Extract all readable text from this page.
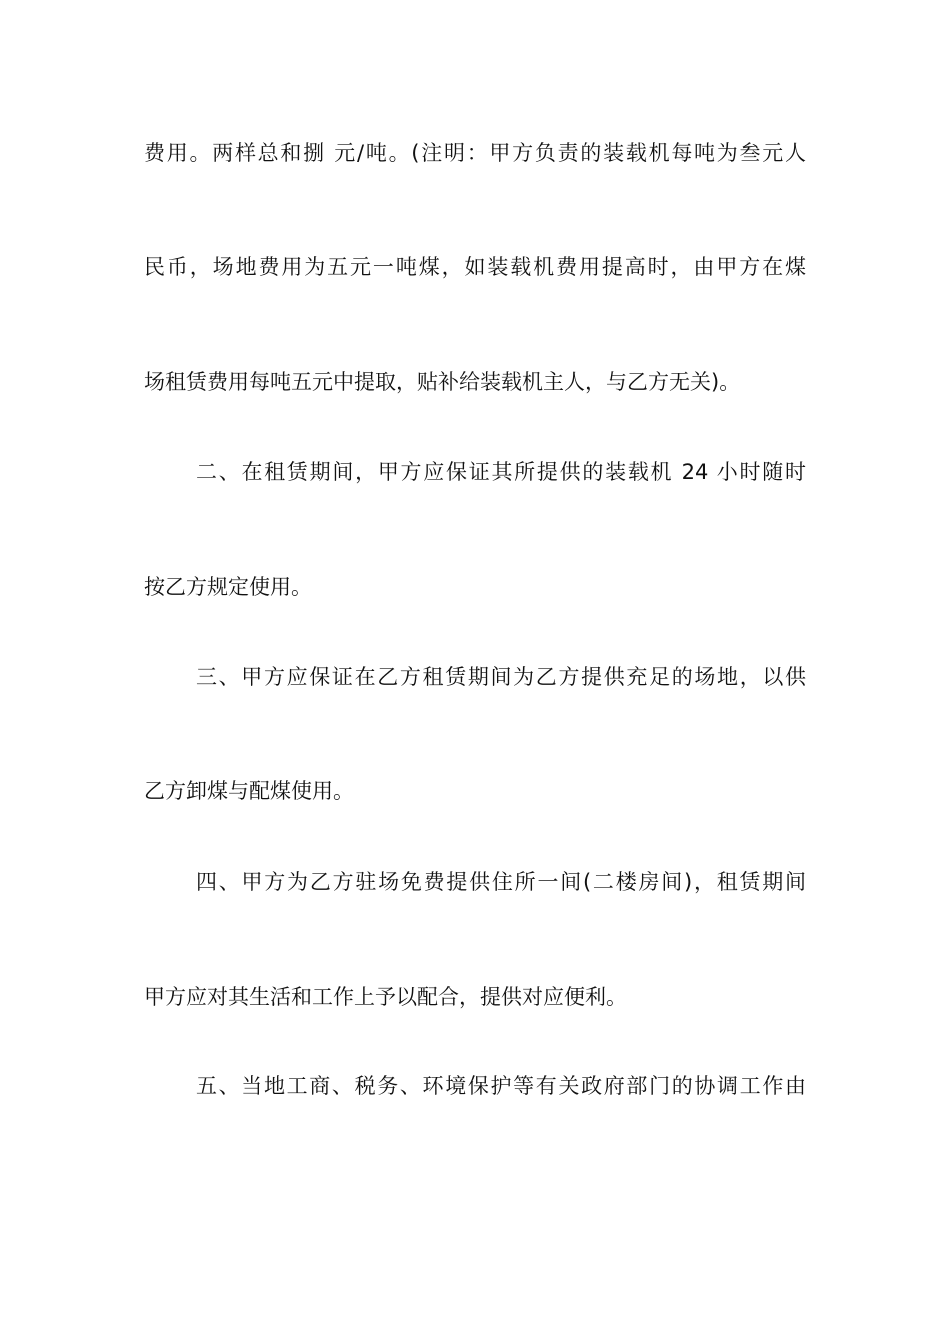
费用。两样总和捌 元/吨。(注明：甲方负责的装载机每吨为叁元人
民币，场地费用为五元一吨煤，如装载机费用提高时，由甲方在煤
场租赁费用每吨五元中提取，贴补给装载机主人，与乙方无关)。
二、在租赁期间，甲方应保证其所提供的装载机 24 小时随时
按乙方规定使用。
三、甲方应保证在乙方租赁期间为乙方提供充足的场地，以供
乙方卸煤与配煤使用。
四、甲方为乙方驻场免费提供住所一间(二楼房间)，租赁期间
甲方应对其生活和工作上予以配合，提供对应便利。
五、当地工商、税务、环境保护等有关政府部门的协调工作由
